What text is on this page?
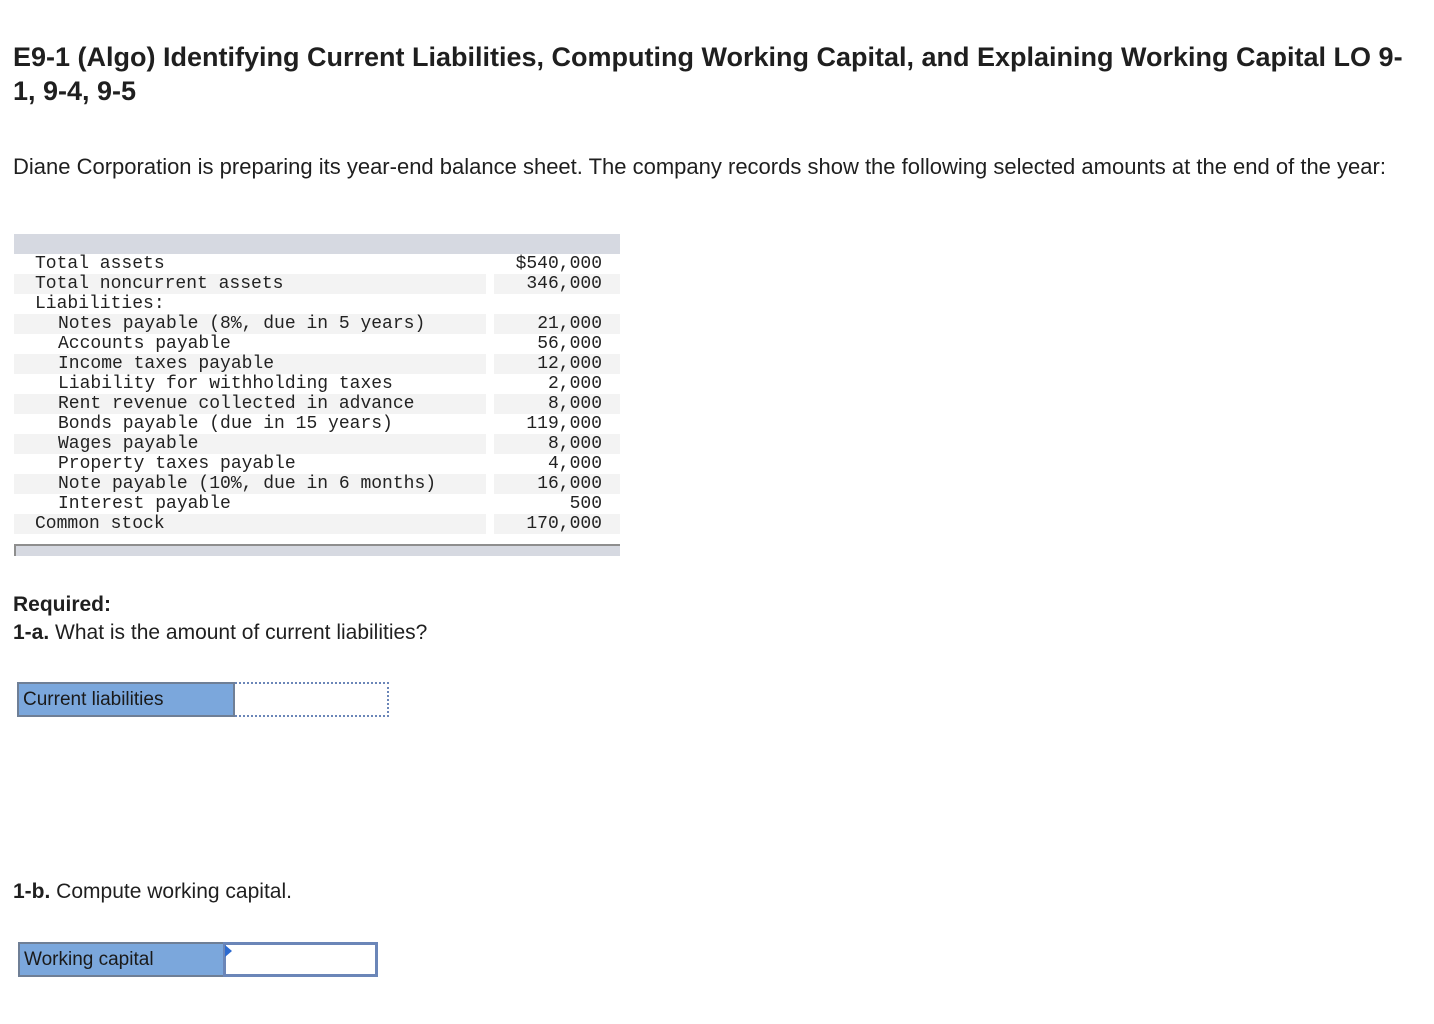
E9-1 (Algo) Identifying Current Liabilities, Computing Working Capital, and Explaining Working Capital LO 9-1, 9-4, 9-5

Diane Corporation is preparing its year-end balance sheet. The company records show the following selected amounts at the end of the year:

Total assets	$540,000
Total noncurrent assets	346,000
Liabilities:
Notes payable (8%, due in 5 years)	21,000
Accounts payable	56,000
Income taxes payable	12,000
Liability for withholding taxes	2,000
Rent revenue collected in advance	8,000
Bonds payable (due in 15 years)	119,000
Wages payable	8,000
Property taxes payable	4,000
Note payable (10%, due in 6 months)	16,000
Interest payable	500
Common stock	170,000

Required:

1-a. What is the amount of current liabilities?

Current liabilities

1-b. Compute working capital.

Working capital
